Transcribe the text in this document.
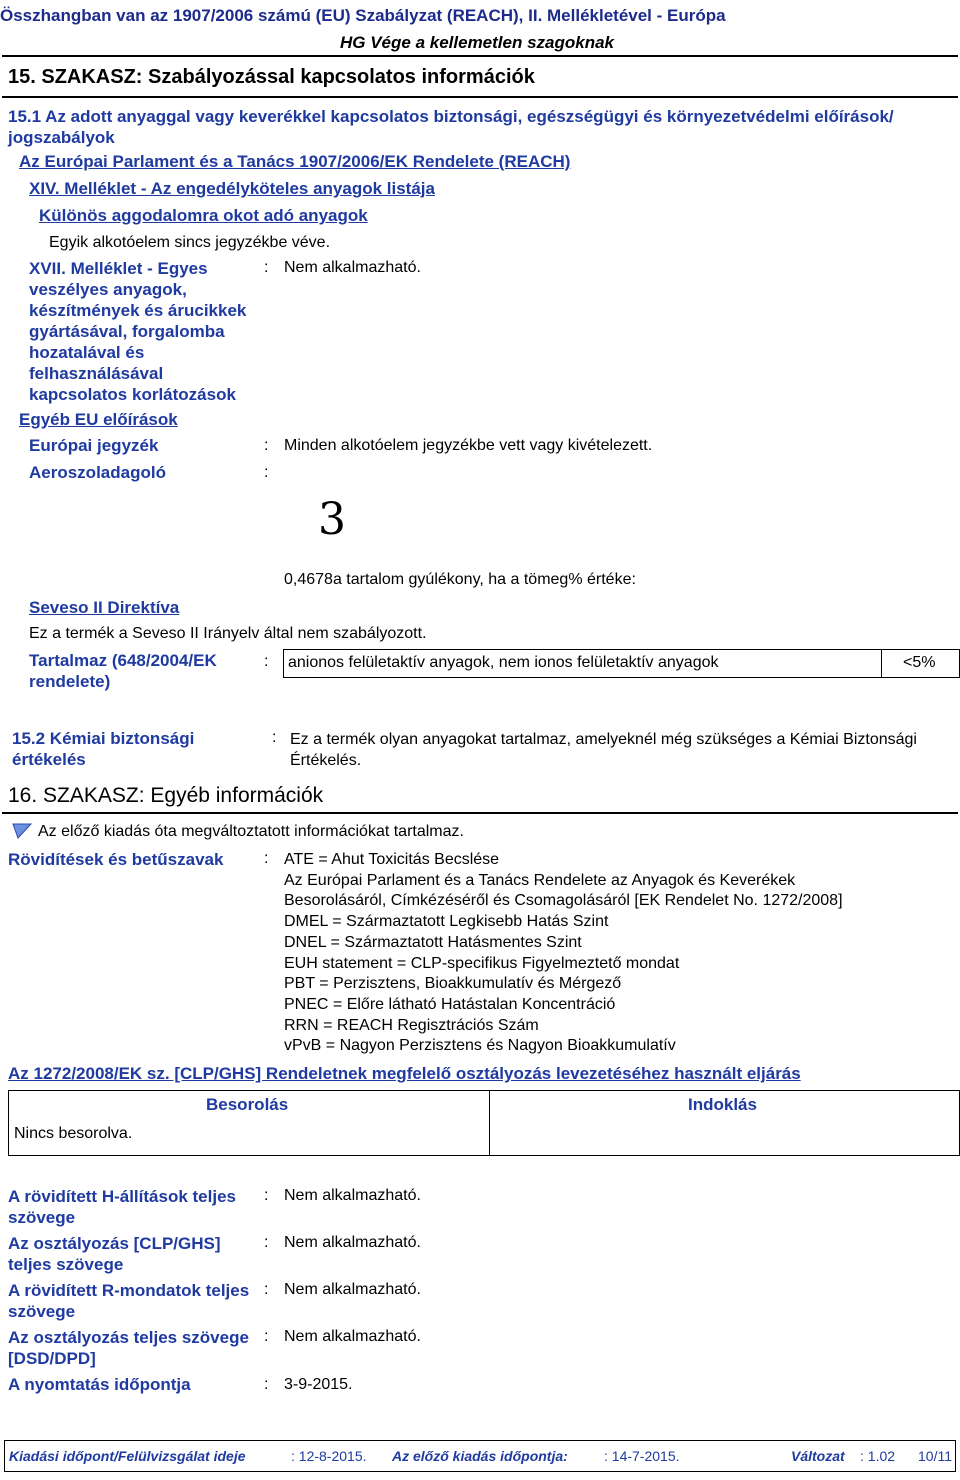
Összhangban van az 1907/2006 számú (EU) Szabályzat (REACH), II. Mellékletével - Európa
HG Vége a kellemetlen szagoknak
15. SZAKASZ: Szabályozással kapcsolatos információk
15.1 Az adott anyaggal vagy keverékkel kapcsolatos biztonsági, egészségügyi és környezetvédelmi előírások/ jogszabályok
Az Európai Parlament és a Tanács 1907/2006/EK Rendelete (REACH)
XIV. Melléklet - Az engedélyköteles anyagok listája
Különös aggodalomra okot adó anyagok
Egyik alkotóelem sincs jegyzékbe véve.
XVII. Melléklet - Egyes veszélyes anyagok, készítmények és árucikkek gyártásával, forgalomba hozatalával és felhasználásával kapcsolatos korlátozások
: Nem alkalmazható.
Egyéb EU előírások
Európai jegyzék	: Minden alkotóelem jegyzékbe vett vagy kivételezett.
Aeroszoladagoló	:
3
0,4678a tartalom gyúlékony, ha a tömeg% értéke:
Seveso II Direktíva
Ez a termék a Seveso II Irányelv által nem szabályozott.
Tartalmaz (648/2004/EK rendelete)
: anionos felületaktív anyagok, nem ionos felületaktív anyagok	<5%
15.2 Kémiai biztonsági értékelés
: Ez a termék olyan anyagokat tartalmaz, amelyeknél még szükséges a Kémiai Biztonsági Értékelés.
16. SZAKASZ: Egyéb információk
Az előző kiadás óta megváltoztatott információkat tartalmaz.
Rövidítések és betűszavak	: ATE = Ahut Toxicitás Becslése
Az Európai Parlament és a Tanács Rendelete az Anyagok és Keverékek
Besorolásáról, Címkézéséről és Csomagolásáról [EK Rendelet No. 1272/2008]
DMEL = Származtatott Legkisebb Hatás Szint
DNEL = Származtatott Hatásmentes Szint
EUH statement = CLP-specifikus Figyelmeztető mondat
PBT = Perzisztens, Bioakkumulatív és Mérgező
PNEC = Előre látható Hatástalan Koncentráció
RRN = REACH Regisztrációs Szám
vPvB = Nagyon Perzisztens és Nagyon Bioakkumulatív
Az 1272/2008/EK sz. [CLP/GHS] Rendeletnek megfelelő osztályozás levezetéséhez használt eljárás
Besorolás	Indoklás
Nincs besorolva.
A rövidített H-állítások teljes szövege
: Nem alkalmazható.
Az osztályozás [CLP/GHS] teljes szövege
: Nem alkalmazható.
A rövidített R-mondatok teljes szövege
: Nem alkalmazható.
Az osztályozás teljes szövege [DSD/DPD]
: Nem alkalmazható.
A nyomtatás időpontja	: 3-9-2015.
Kiadási időpont/Felülvizsgálat ideje	: 12-8-2015. Az előző kiadás időpontja:	: 14-7-2015.	Változat : 1.02 10/11
